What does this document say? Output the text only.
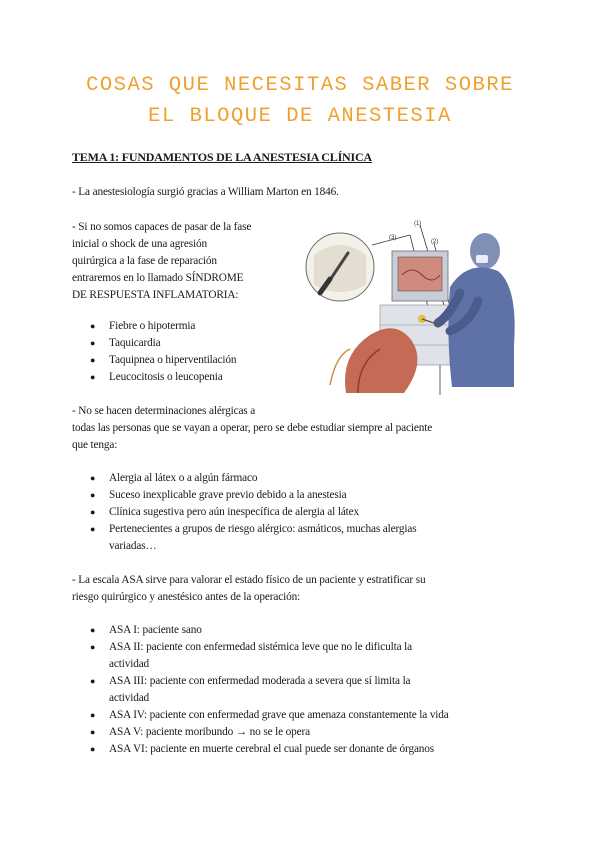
COSAS QUE NECESITAS SABER SOBRE
EL BLOQUE DE ANESTESIA
TEMA 1: FUNDAMENTOS DE LA ANESTESIA CLÍNICA
- La anestesiología surgió gracias a William Marton en 1846.
- Si no somos capaces de pasar de la fase
inicial o shock de una agresión
quirúrgica a la fase de reparación
entraremos en lo llamado SÍNDROME
DE RESPUESTA INFLAMATORIA:
● Fiebre o hipotermia
● Taquicardia
● Taquipnea o hiperventilación
● Leucocitosis o leucopenia
- No se hacen determinaciones alérgicas a
todas las personas que se vayan a operar, pero se debe estudiar siempre al paciente
que tenga:
● Alergia al látex o a algún fármaco
● Suceso inexplicable grave previo debido a la anestesia
● Clínica sugestiva pero aún inespecífica de alergia al látex
● Pertenecientes a grupos de riesgo alérgico: asmáticos, muchas alergias
variadas…
- La escala ASA sirve para valorar el estado físico de un paciente y estratificar su
riesgo quirúrgico y anestésico antes de la operación:
● ASA I: paciente sano
● ASA II: paciente con enfermedad sistémica leve que no le dificulta la
actividad
● ASA III: paciente con enfermedad moderada a severa que sí limita la
actividad
● ASA IV: paciente con enfermedad grave que amenaza constantemente la vida
● ASA V: paciente moribundo → no se le opera
● ASA VI: paciente en muerte cerebral el cual puede ser donante de órganos
(3)
(1)
(2)
